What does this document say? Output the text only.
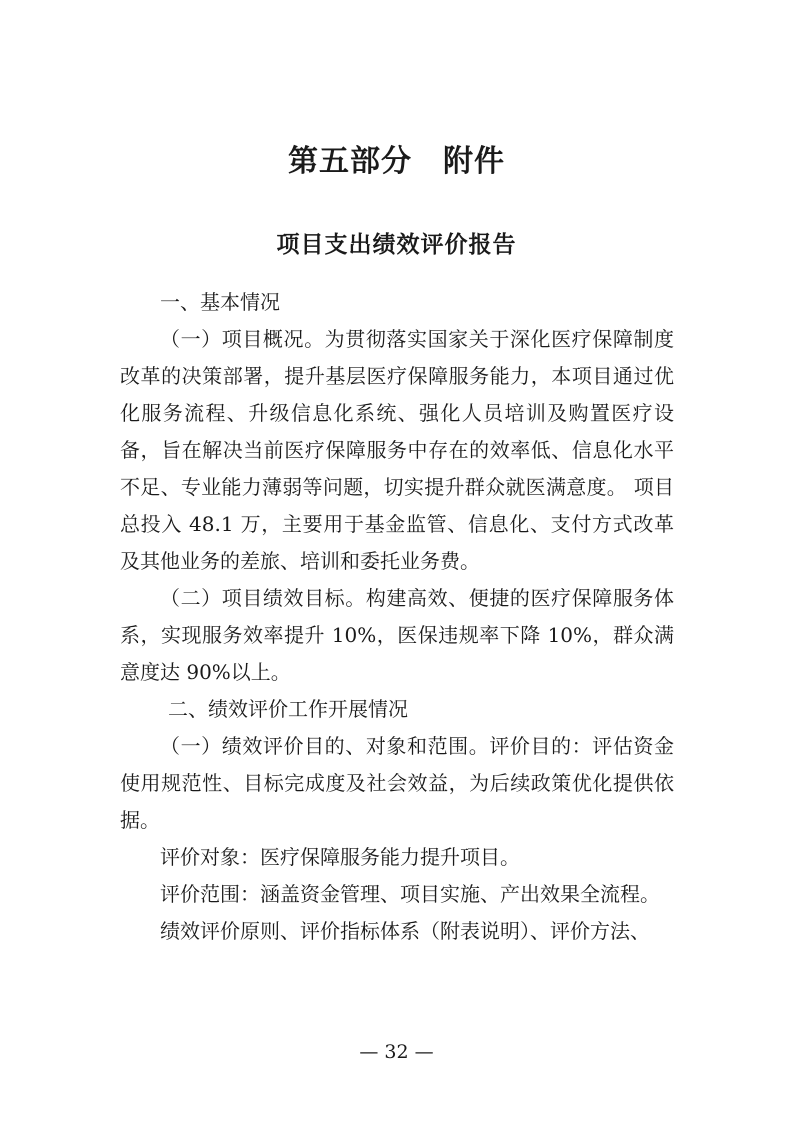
第五部分　附件
项目支出绩效评价报告

一、基本情况

（一）项目概况。为贯彻落实国家关于深化医疗保障制度改革的决策部署，提升基层医疗保障服务能力，本项目通过优化服务流程、升级信息化系统、强化人员培训及购置医疗设备，旨在解决当前医疗保障服务中存在的效率低、信息化水平不足、专业能力薄弱等问题，切实提升群众就医满意度。 项目总投入 48.1 万，主要用于基金监管、信息化、支付方式改革及其他业务的差旅、培训和委托业务费。

（二）项目绩效目标。构建高效、便捷的医疗保障服务体系，实现服务效率提升 10%，医保违规率下降 10%，群众满意度达 90%以上。

二、绩效评价工作开展情况

（一）绩效评价目的、对象和范围。评价目的：评估资金使用规范性、目标完成度及社会效益，为后续政策优化提供依据。

评价对象：医疗保障服务能力提升项目。

评价范围：涵盖资金管理、项目实施、产出效果全流程。

绩效评价原则、评价指标体系（附表说明）、评价方法、

— 32 —
